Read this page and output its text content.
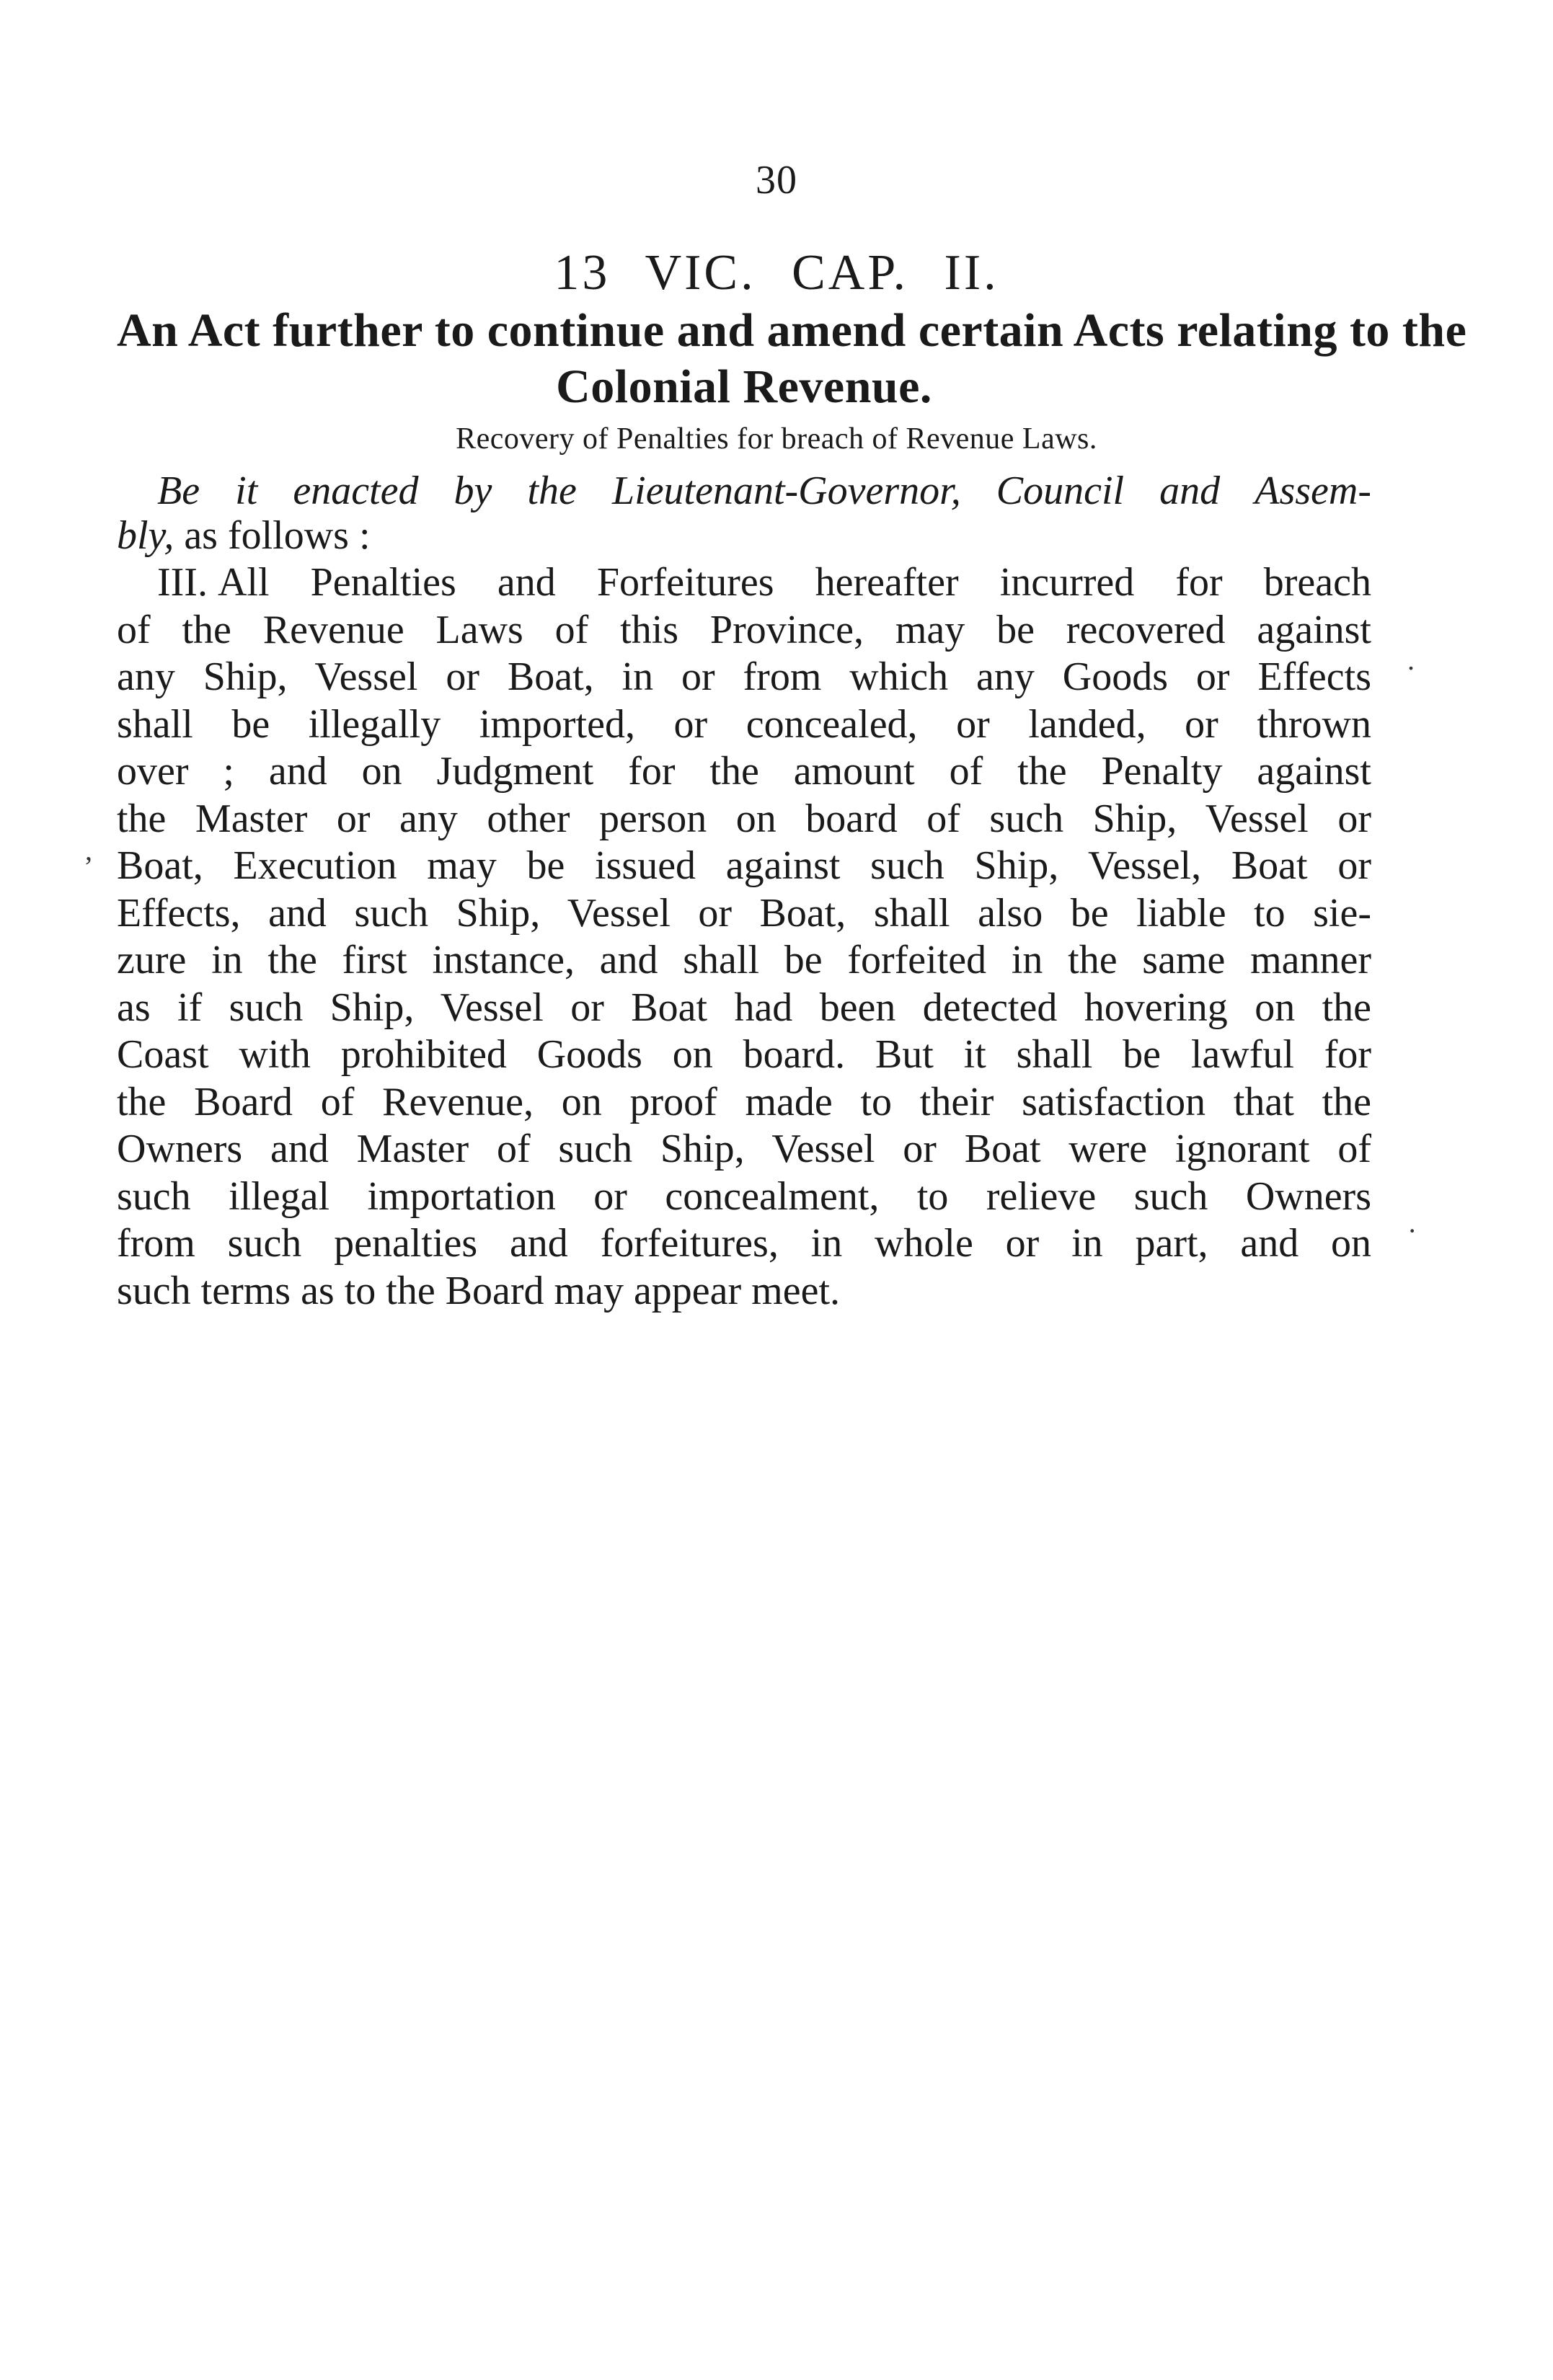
30
13 VIC. CAP. II.
An Act further to continue and amend certain Acts relating to the
Colonial Revenue.
Recovery of Penalties for breach of Revenue Laws.
Be it enacted by the Lieutenant-Governor, Council and Assem-
bly, as follows :
III. All Penalties and Forfeitures hereafter incurred for breach
of the Revenue Laws of this Province, may be recovered against
any Ship, Vessel or Boat, in or from which any Goods or Effects
shall be illegally imported, or concealed, or landed, or thrown
over ; and on Judgment for the amount of the Penalty against
the Master or any other person on board of such Ship, Vessel or
Boat, Execution may be issued against such Ship, Vessel, Boat or
Effects, and such Ship, Vessel or Boat, shall also be liable to sie-
zure in the first instance, and shall be forfeited in the same manner
as if such Ship, Vessel or Boat had been detected hovering on the
Coast with prohibited Goods on board. But it shall be lawful for
the Board of Revenue, on proof made to their satisfaction that the
Owners and Master of such Ship, Vessel or Boat were ignorant of
such illegal importation or concealment, to relieve such Owners
from such penalties and forfeitures, in whole or in part, and on
such terms as to the Board may appear meet.
.
,
·
